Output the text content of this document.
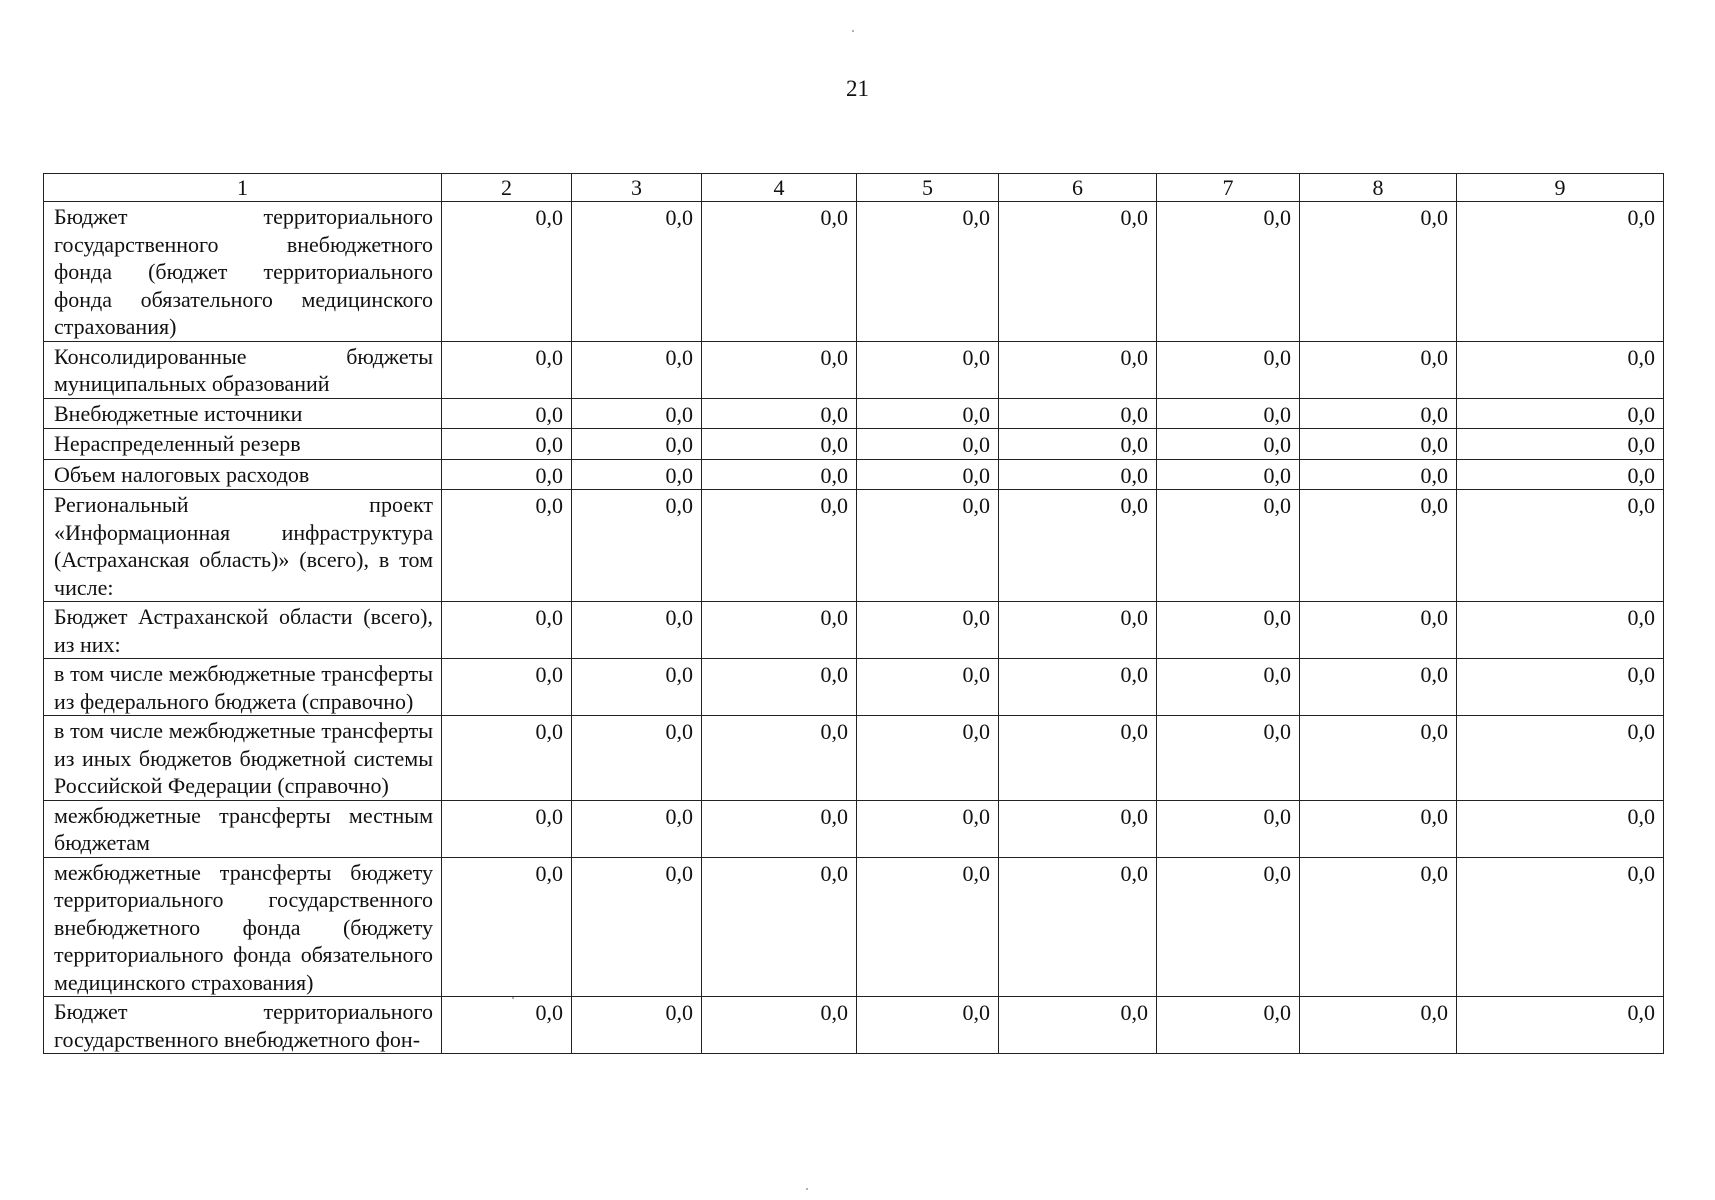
21
1	2	3	4	5	6	7	8	9
Бюджет территориального государственного внебюджетного фонда (бюджет территориального фонда обязательного медицинского страхования)	0,0	0,0	0,0	0,0	0,0	0,0	0,0	0,0
Консолидированные бюджеты муниципальных образований	0,0	0,0	0,0	0,0	0,0	0,0	0,0	0,0
Внебюджетные источники	0,0	0,0	0,0	0,0	0,0	0,0	0,0	0,0
Нераспределенный резерв	0,0	0,0	0,0	0,0	0,0	0,0	0,0	0,0
Объем налоговых расходов	0,0	0,0	0,0	0,0	0,0	0,0	0,0	0,0
Региональный проект «Информационная инфраструктура (Астраханская область)» (всего), в том числе:	0,0	0,0	0,0	0,0	0,0	0,0	0,0	0,0
Бюджет Астраханской области (всего), из них:	0,0	0,0	0,0	0,0	0,0	0,0	0,0	0,0
в том числе межбюджетные трансферты из федерального бюджета (справочно)	0,0	0,0	0,0	0,0	0,0	0,0	0,0	0,0
в том числе межбюджетные трансферты из иных бюджетов бюджетной системы Российской Федерации (справочно)	0,0	0,0	0,0	0,0	0,0	0,0	0,0	0,0
межбюджетные трансферты местным бюджетам	0,0	0,0	0,0	0,0	0,0	0,0	0,0	0,0
межбюджетные трансферты бюджету территориального государственного внебюджетного фонда (бюджету территориального фонда обязательного медицинского страхования)	0,0	0,0	0,0	0,0	0,0	0,0	0,0	0,0
Бюджет территориального государственного внебюджетного фон-	0,0	0,0	0,0	0,0	0,0	0,0	0,0	0,0
